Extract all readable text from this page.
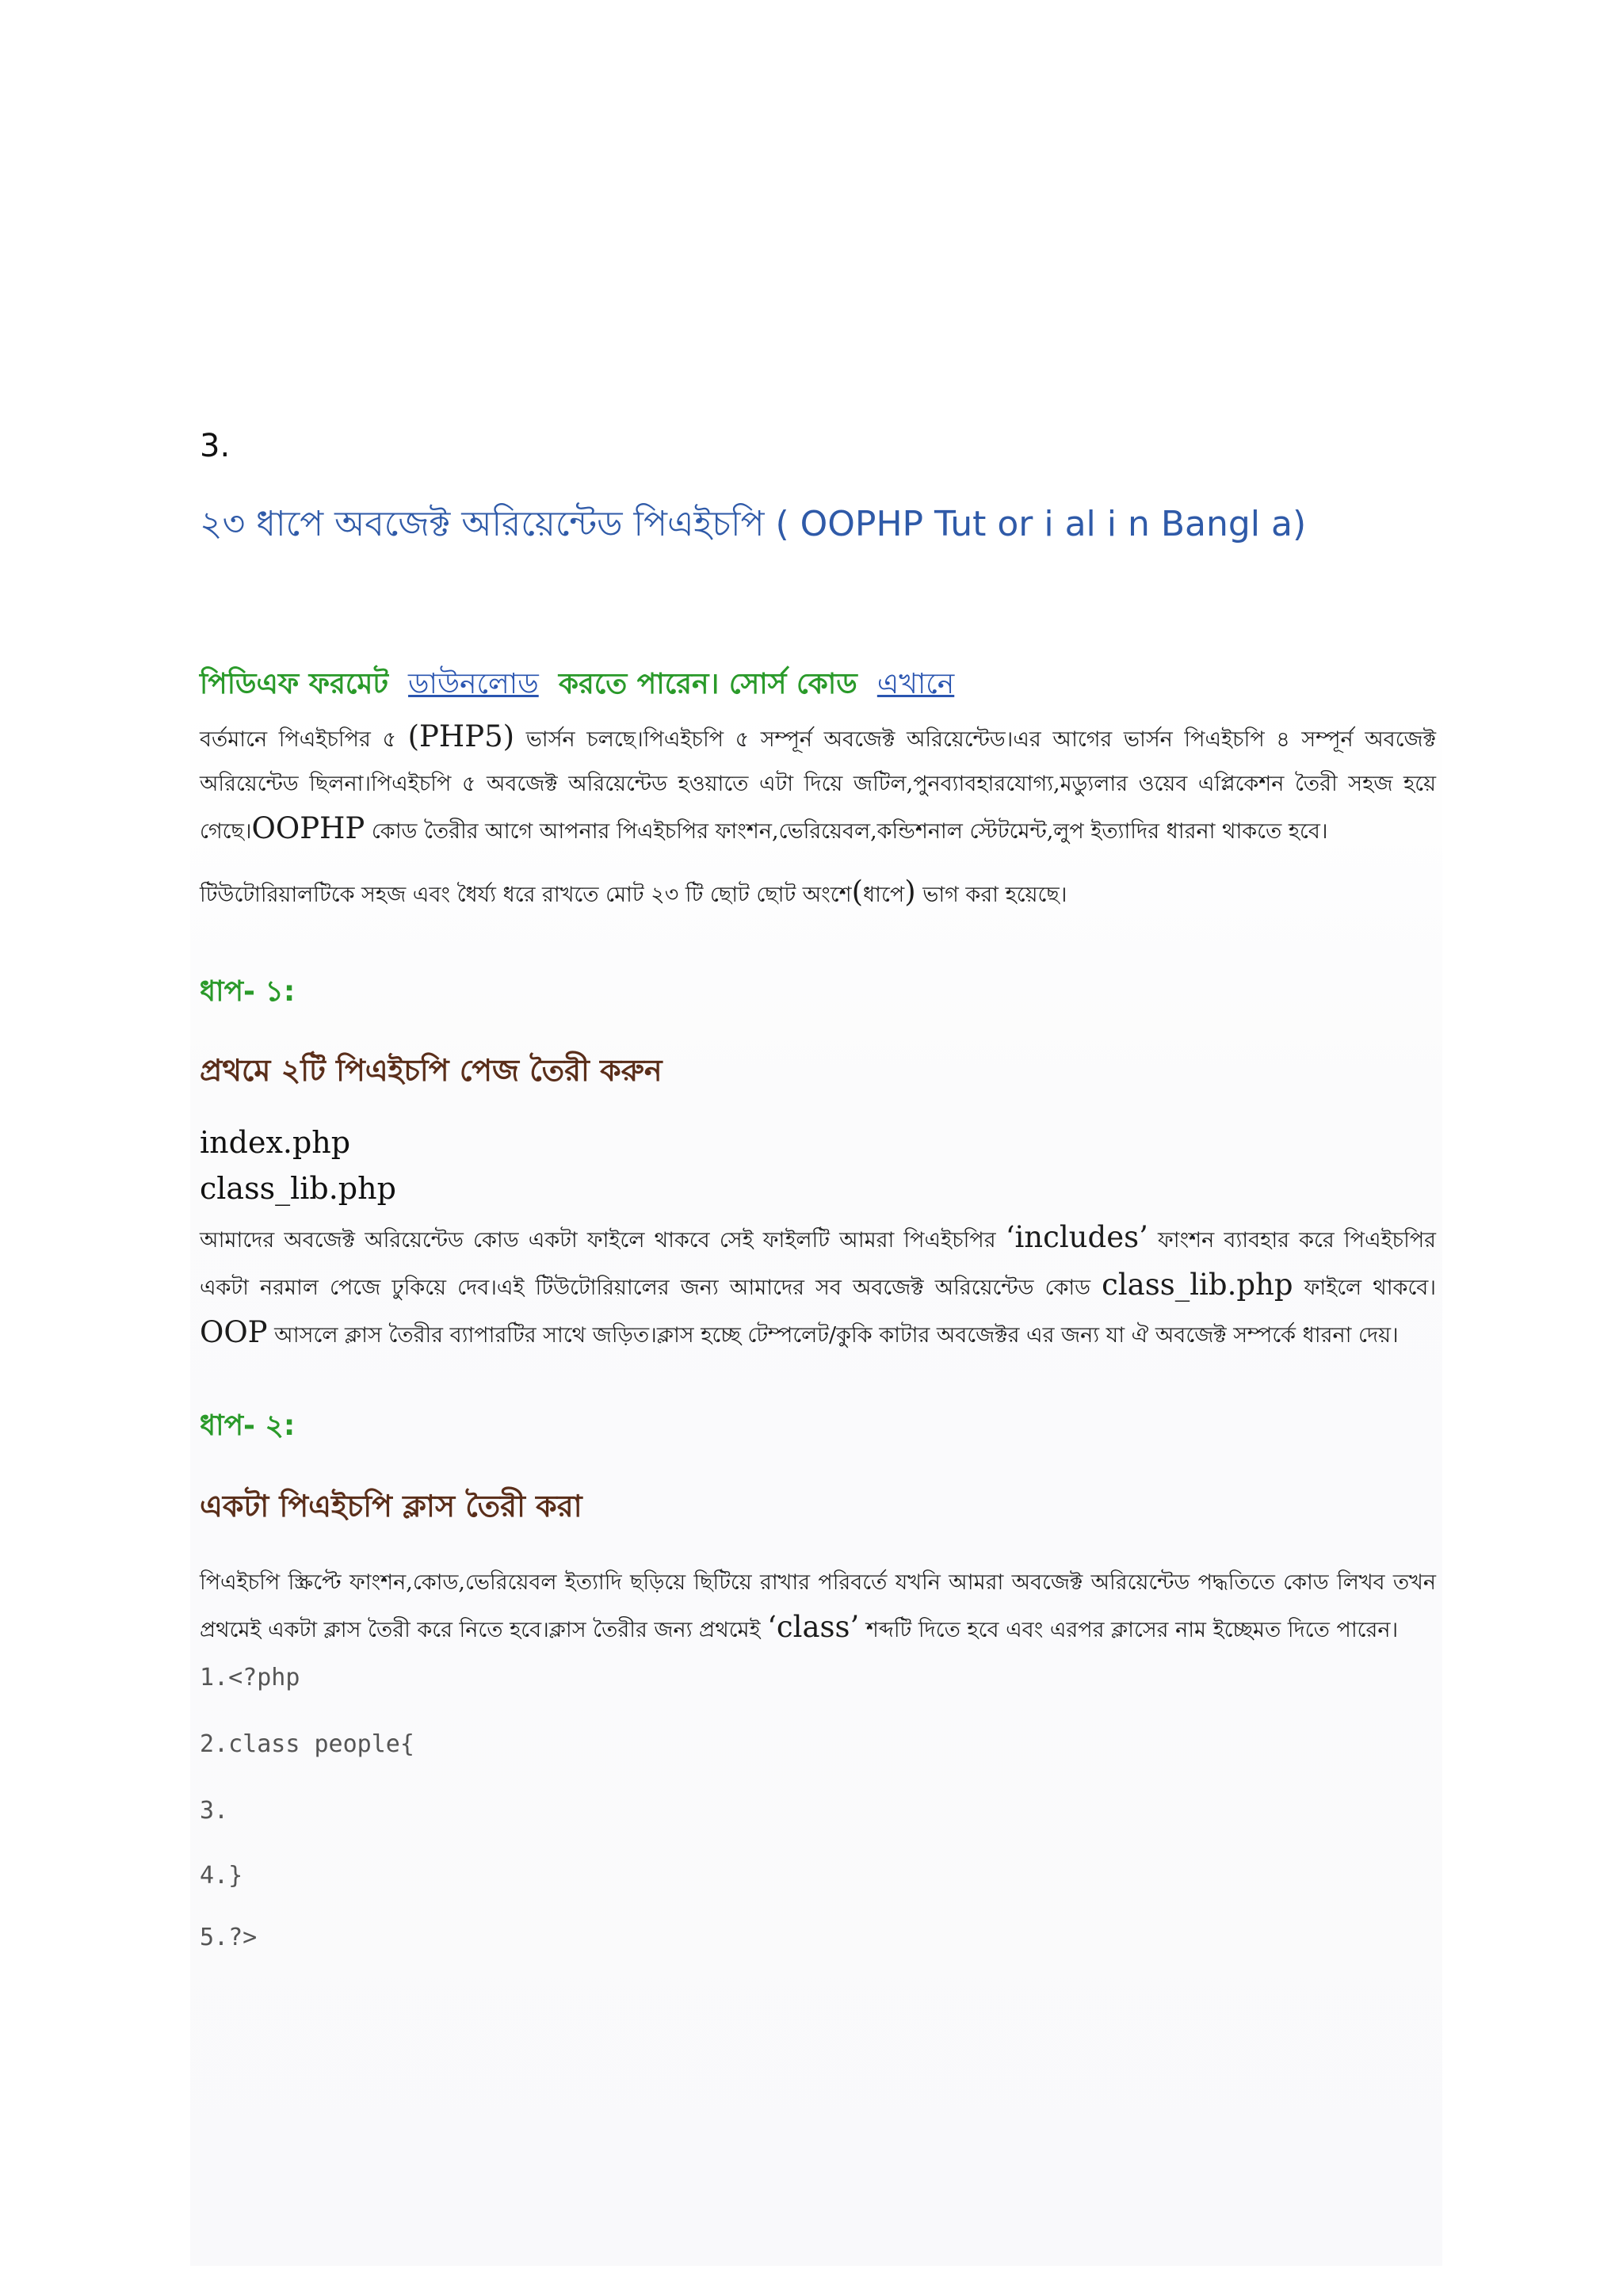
3.
২৩ ধাপে অবজেক্ট অরিয়েন্টেড পিএইচপি ( OOPHP Tut or i al i n Bangl a)
পিডিএফ ফরমেট ডাউনলোড করতে পারেন। সোর্স কোড এখানে
বর্তমানে পিএইচপির ৫ (PHP5) ভার্সন চলছে।পিএইচপি ৫ সম্পূর্ন অবজেক্ট অরিয়েন্টেড।এর আগের ভার্সন পিএইচপি ৪ সম্পূর্ন অবজেক্ট অরিয়েন্টেড ছিলনা।পিএইচপি ৫ অবজেক্ট অরিয়েন্টেড হওয়াতে এটা দিয়ে জটিল,পুনব্যাবহারযোগ্য,মড্যুলার ওয়েব এপ্লিকেশন তৈরী সহজ হয়ে গেছে।OOPHP কোড তৈরীর আগে আপনার পিএইচপির ফাংশন,ভেরিয়েবল,কন্ডিশনাল স্টেটমেন্ট,লুপ ইত্যাদির ধারনা থাকতে হবে।
টিউটোরিয়ালটিকে সহজ এবং ধৈর্য্য ধরে রাখতে মোট ২৩ টি ছোট ছোট অংশে(ধাপে) ভাগ করা হয়েছে।
ধাপ- ১:
প্রথমে ২টি পিএইচপি পেজ তৈরী করুন
index.php
class_lib.php
আমাদের অবজেক্ট অরিয়েন্টেড কোড একটা ফাইলে থাকবে সেই ফাইলটি আমরা পিএইচপির ‘includes’ ফাংশন ব্যাবহার করে পিএইচপির একটা নরমাল পেজে ঢুকিয়ে দেব।এই টিউটোরিয়ালের জন্য আমাদের সব অবজেক্ট অরিয়েন্টেড কোড class_lib.php ফাইলে থাকবে।OOP আসলে ক্লাস তৈরীর ব্যাপারটির সাথে জড়িত।ক্লাস হচ্ছে টেম্পলেট/কুকি কাটার অবজেক্টর এর জন্য যা ঐ অবজেক্ট সম্পর্কে ধারনা দেয়।
ধাপ- ২:
একটা পিএইচপি ক্লাস তৈরী করা
পিএইচপি স্ক্রিপ্টে ফাংশন,কোড,ভেরিয়েবল ইত্যাদি ছড়িয়ে ছিটিয়ে রাখার পরিবর্তে যখনি আমরা অবজেক্ট অরিয়েন্টেড পদ্ধতিতে কোড লিখব তখন প্রথমেই একটা ক্লাস তৈরী করে নিতে হবে।ক্লাস তৈরীর জন্য প্রথমেই ‘class’ শব্দটি দিতে হবে এবং এরপর ক্লাসের নাম ইচ্ছেমত দিতে পারেন।
1.<?php
2.class people{
3.
4.}
5.?>
